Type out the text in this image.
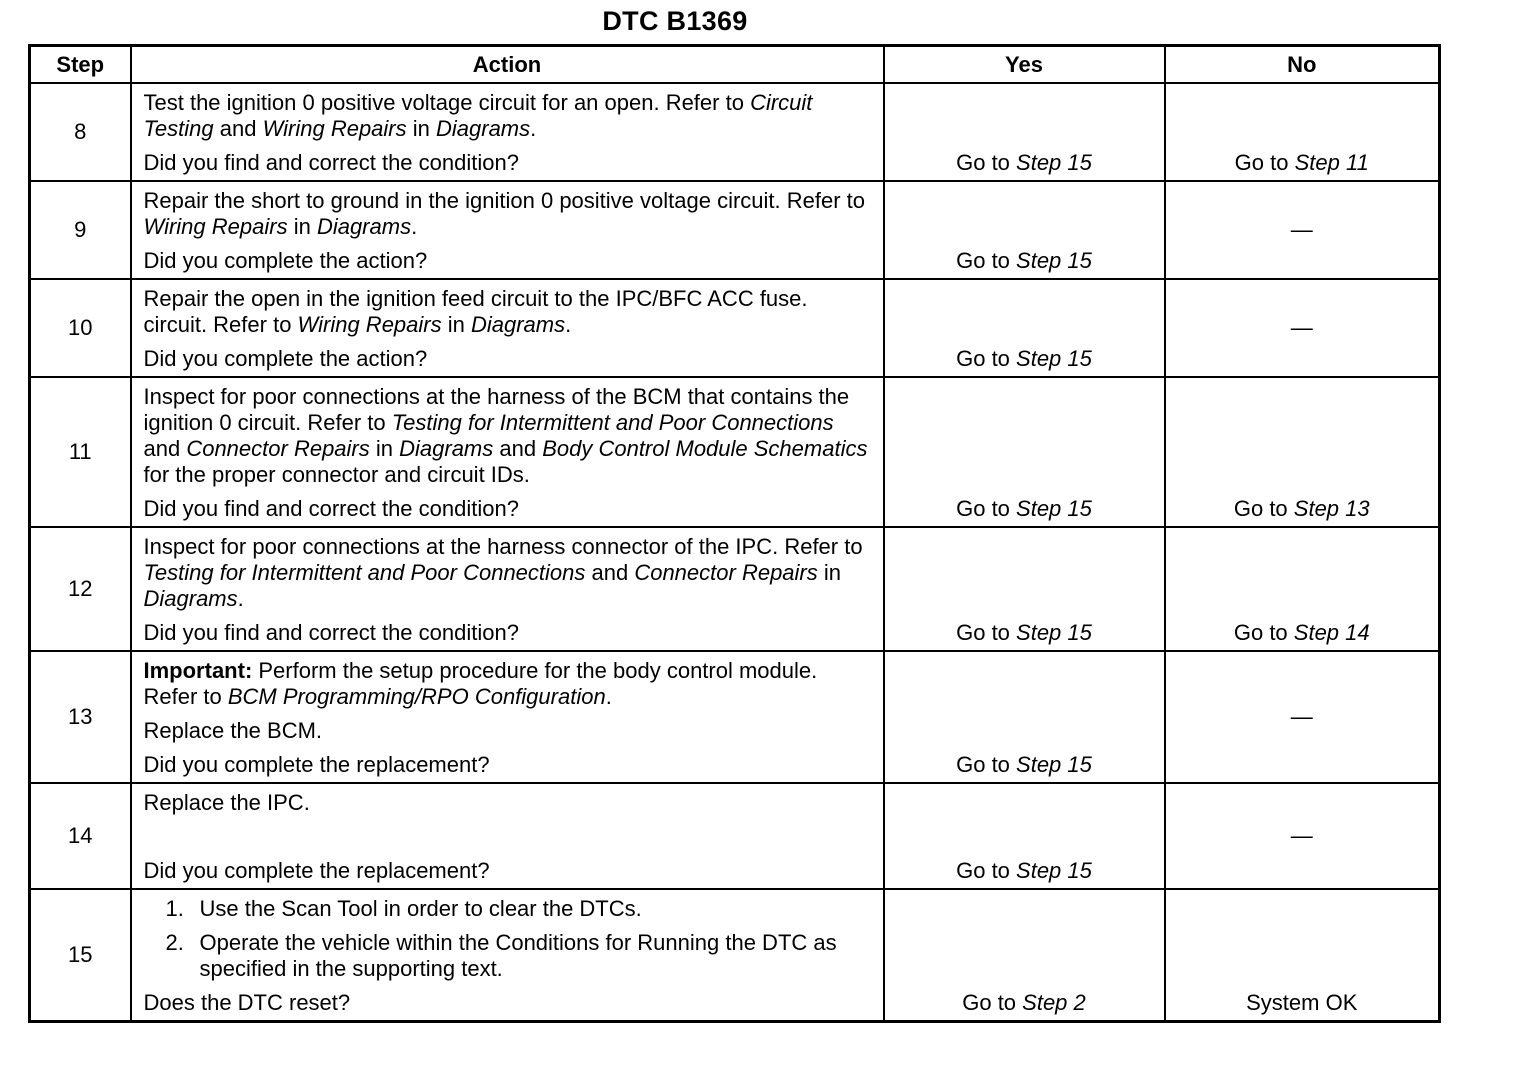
DTC B1369
Step	Action	Yes	No
8	Test the ignition 0 positive voltage circuit for an open. Refer to Circuit Testing and Wiring Repairs in Diagrams.
Did you find and correct the condition?	Go to Step 15	Go to Step 11
9	Repair the short to ground in the ignition 0 positive voltage circuit. Refer to Wiring Repairs in Diagrams.
Did you complete the action?	Go to Step 15	—
10	Repair the open in the ignition feed circuit to the IPC/BFC ACC fuse. circuit. Refer to Wiring Repairs in Diagrams.
Did you complete the action?	Go to Step 15	—
11	Inspect for poor connections at the harness of the BCM that contains the ignition 0 circuit. Refer to Testing for Intermittent and Poor Connections and Connector Repairs in Diagrams and Body Control Module Schematics for the proper connector and circuit IDs.
Did you find and correct the condition?	Go to Step 15	Go to Step 13
12	Inspect for poor connections at the harness connector of the IPC. Refer to Testing for Intermittent and Poor Connections and Connector Repairs in Diagrams.
Did you find and correct the condition?	Go to Step 15	Go to Step 14
13	Important: Perform the setup procedure for the body control module. Refer to BCM Programming/RPO Configuration.
Replace the BCM.
Did you complete the replacement?	Go to Step 15	—
14	Replace the IPC.
Did you complete the replacement?	Go to Step 15	—
15	1. Use the Scan Tool in order to clear the DTCs.
2. Operate the vehicle within the Conditions for Running the DTC as specified in the supporting text.
Does the DTC reset?	Go to Step 2	System OK
